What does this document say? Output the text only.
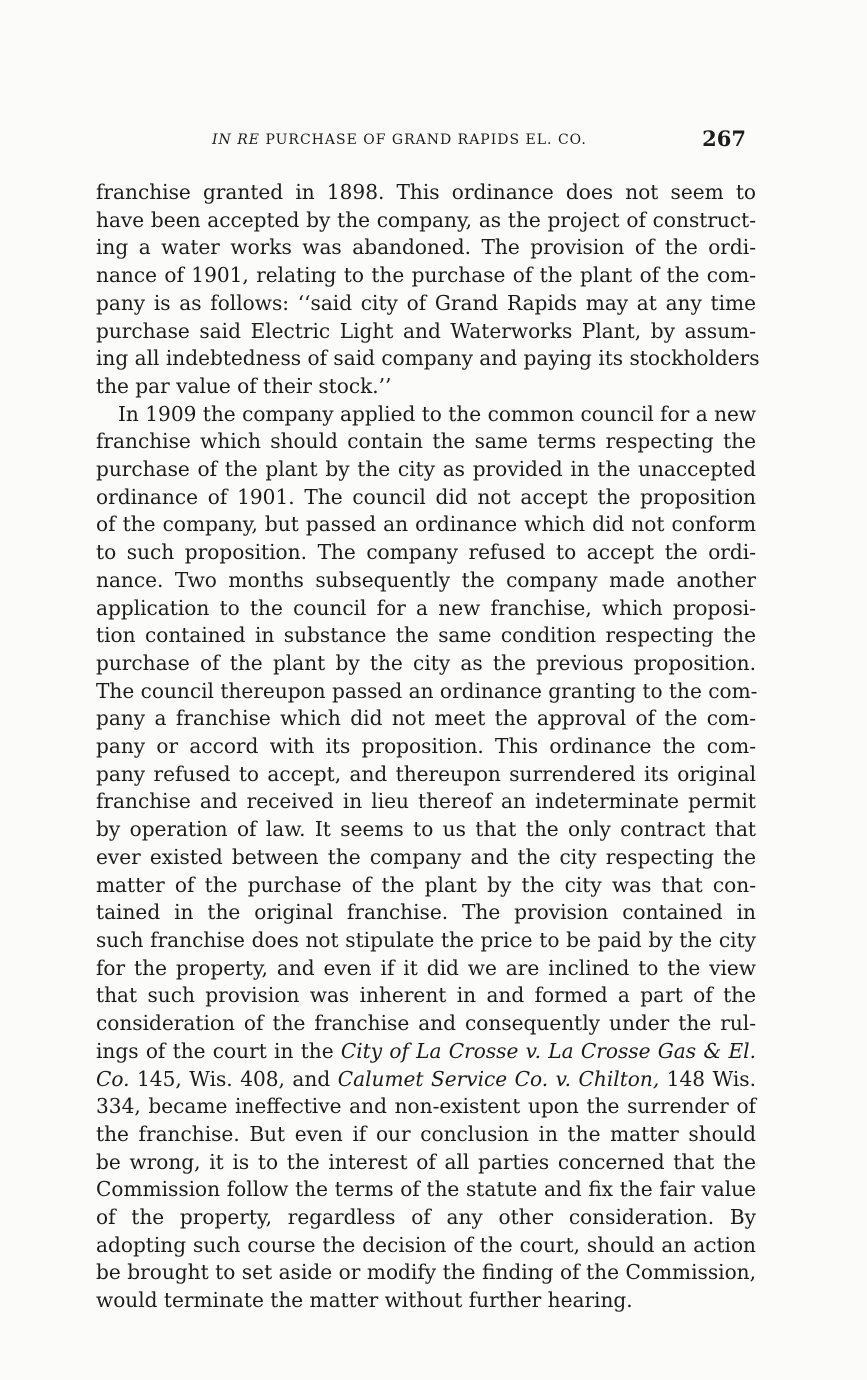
IN RE PURCHASE OF GRAND RAPIDS EL. CO.	267

franchise granted in 1898. This ordinance does not seem to
have been accepted by the company, as the project of construct-
ing a water works was abandoned. The provision of the ordi-
nance of 1901, relating to the purchase of the plant of the com-
pany is as follows: ‘‘said city of Grand Rapids may at any time
purchase said Electric Light and Waterworks Plant, by assum-
ing all indebtedness of said company and paying its stockholders
the par value of their stock.’’

In 1909 the company applied to the common council for a new
franchise which should contain the same terms respecting the
purchase of the plant by the city as provided in the unaccepted
ordinance of 1901. The council did not accept the proposition
of the company, but passed an ordinance which did not conform
to such proposition. The company refused to accept the ordi-
nance. Two months subsequently the company made another
application to the council for a new franchise, which proposi-
tion contained in substance the same condition respecting the
purchase of the plant by the city as the previous proposition.
The council thereupon passed an ordinance granting to the com-
pany a franchise which did not meet the approval of the com-
pany or accord with its proposition. This ordinance the com-
pany refused to accept, and thereupon surrendered its original
franchise and received in lieu thereof an indeterminate permit
by operation of law. It seems to us that the only contract that
ever existed between the company and the city respecting the
matter of the purchase of the plant by the city was that con-
tained in the original franchise. The provision contained in
such franchise does not stipulate the price to be paid by the city
for the property, and even if it did we are inclined to the view
that such provision was inherent in and formed a part of the
consideration of the franchise and consequently under the rul-
ings of the court in the City of La Crosse v. La Crosse Gas & El.
Co. 145, Wis. 408, and Calumet Service Co. v. Chilton, 148 Wis.
334, became ineffective and non-existent upon the surrender of
the franchise. But even if our conclusion in the matter should
be wrong, it is to the interest of all parties concerned that the
Commission follow the terms of the statute and fix the fair value
of the property, regardless of any other consideration. By
adopting such course the decision of the court, should an action
be brought to set aside or modify the finding of the Commission,
would terminate the matter without further hearing.
